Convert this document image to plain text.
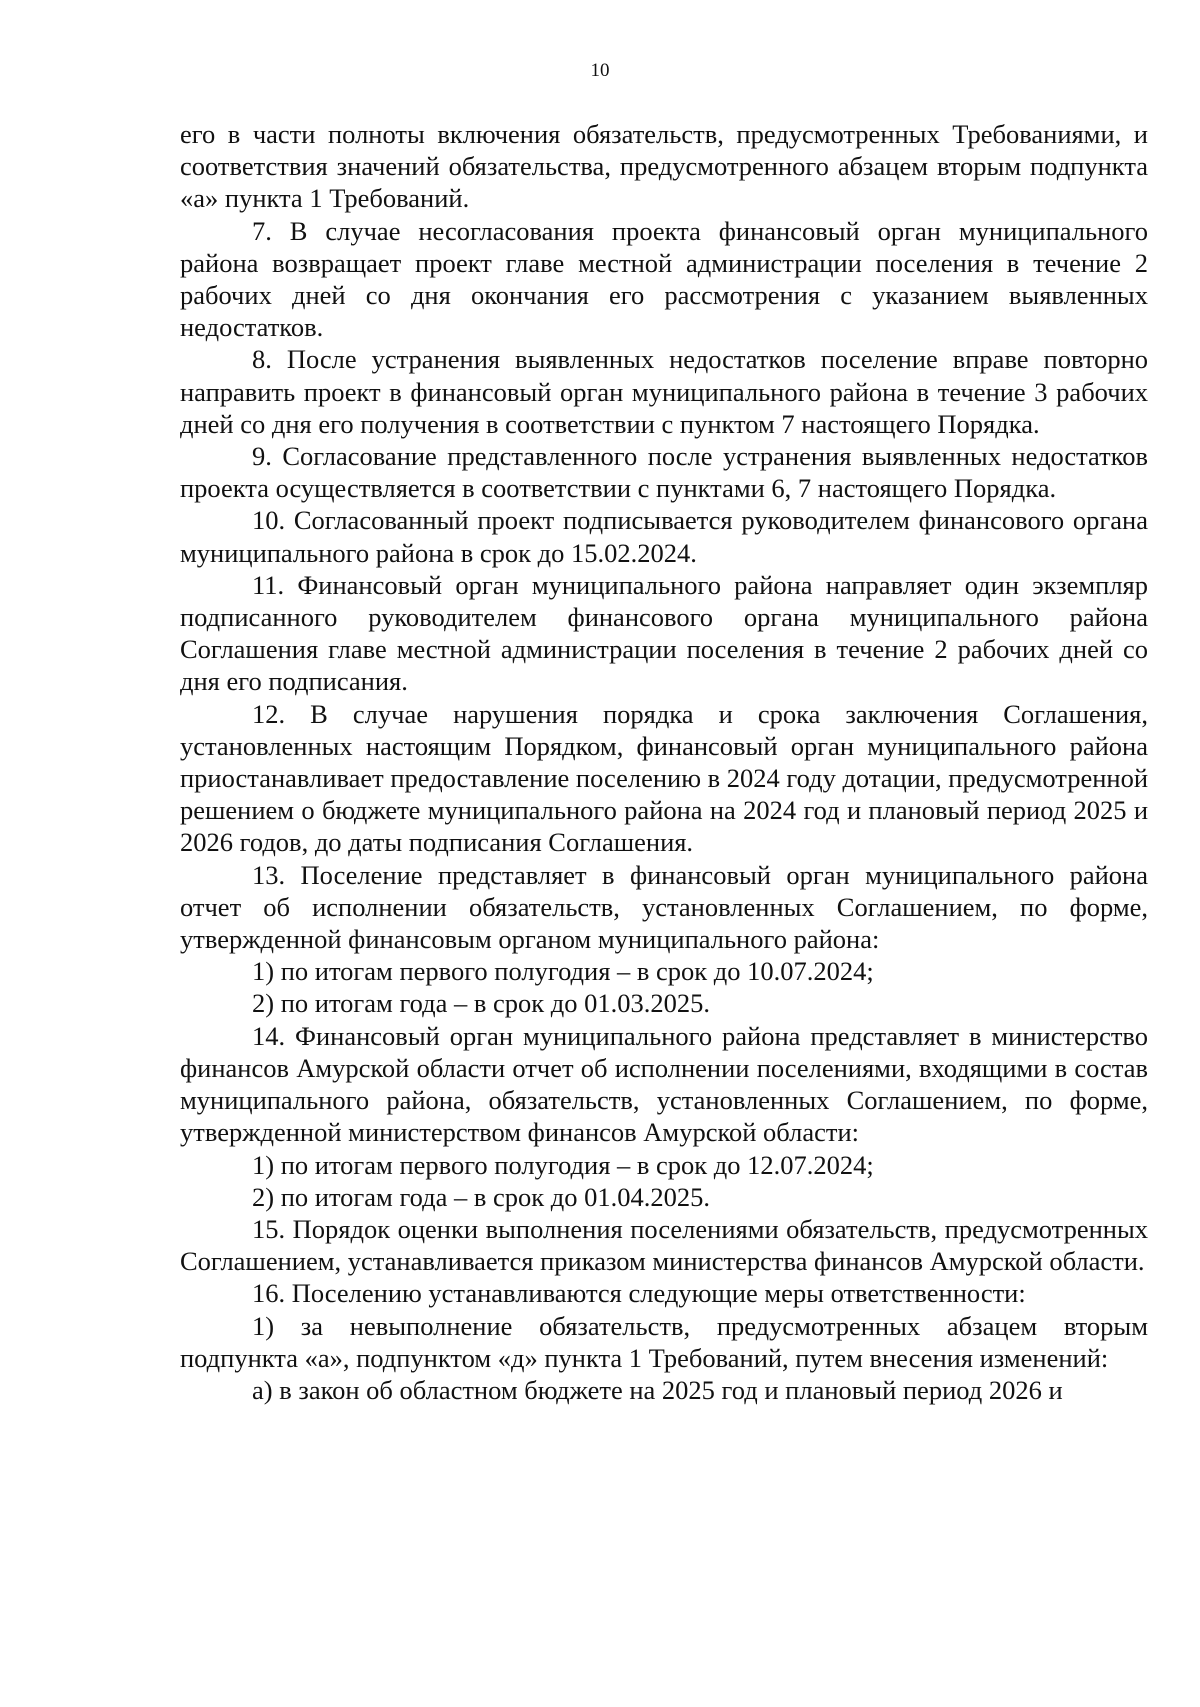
10

его в части полноты включения обязательств, предусмотренных Требованиями, и соответствия значений обязательства, предусмотренного абзацем вторым подпункта «а» пункта 1 Требований.

7. В случае несогласования проекта финансовый орган муниципального района возвращает проект главе местной администрации поселения в течение 2 рабочих дней со дня окончания его рассмотрения с указанием выявленных недостатков.

8. После устранения выявленных недостатков поселение вправе повторно направить проект в финансовый орган муниципального района в течение 3 рабочих дней со дня его получения в соответствии с пунктом 7 настоящего Порядка.

9. Согласование представленного после устранения выявленных недостатков проекта осуществляется в соответствии с пунктами 6, 7 настоящего Порядка.

10. Согласованный проект подписывается руководителем финансового органа муниципального района в срок до 15.02.2024.

11. Финансовый орган муниципального района направляет один экземпляр подписанного руководителем финансового органа муниципального района Соглашения главе местной администрации поселения в течение 2 рабочих дней со дня его подписания.

12. В случае нарушения порядка и срока заключения Соглашения, установленных настоящим Порядком, финансовый орган муниципального района приостанавливает предоставление поселению в 2024 году дотации, предусмотренной решением о бюджете муниципального района на 2024 год и плановый период 2025 и 2026 годов, до даты подписания Соглашения.

13. Поселение представляет в финансовый орган муниципального района отчет об исполнении обязательств, установленных Соглашением, по форме, утвержденной финансовым органом муниципального района:

1) по итогам первого полугодия – в срок до 10.07.2024;

2) по итогам года – в срок до 01.03.2025.

14. Финансовый орган муниципального района представляет в министерство финансов Амурской области отчет об исполнении поселениями, входящими в состав муниципального района, обязательств, установленных Соглашением, по форме, утвержденной министерством финансов Амурской области:

1) по итогам первого полугодия – в срок до 12.07.2024;

2) по итогам года – в срок до 01.04.2025.

15. Порядок оценки выполнения поселениями обязательств, предусмотренных Соглашением, устанавливается приказом министерства финансов Амурской области.

16. Поселению устанавливаются следующие меры ответственности:

1) за невыполнение обязательств, предусмотренных абзацем вторым подпункта «а», подпунктом «д» пункта 1 Требований, путем внесения изменений:

а) в закон об областном бюджете на 2025 год и плановый период 2026 и
